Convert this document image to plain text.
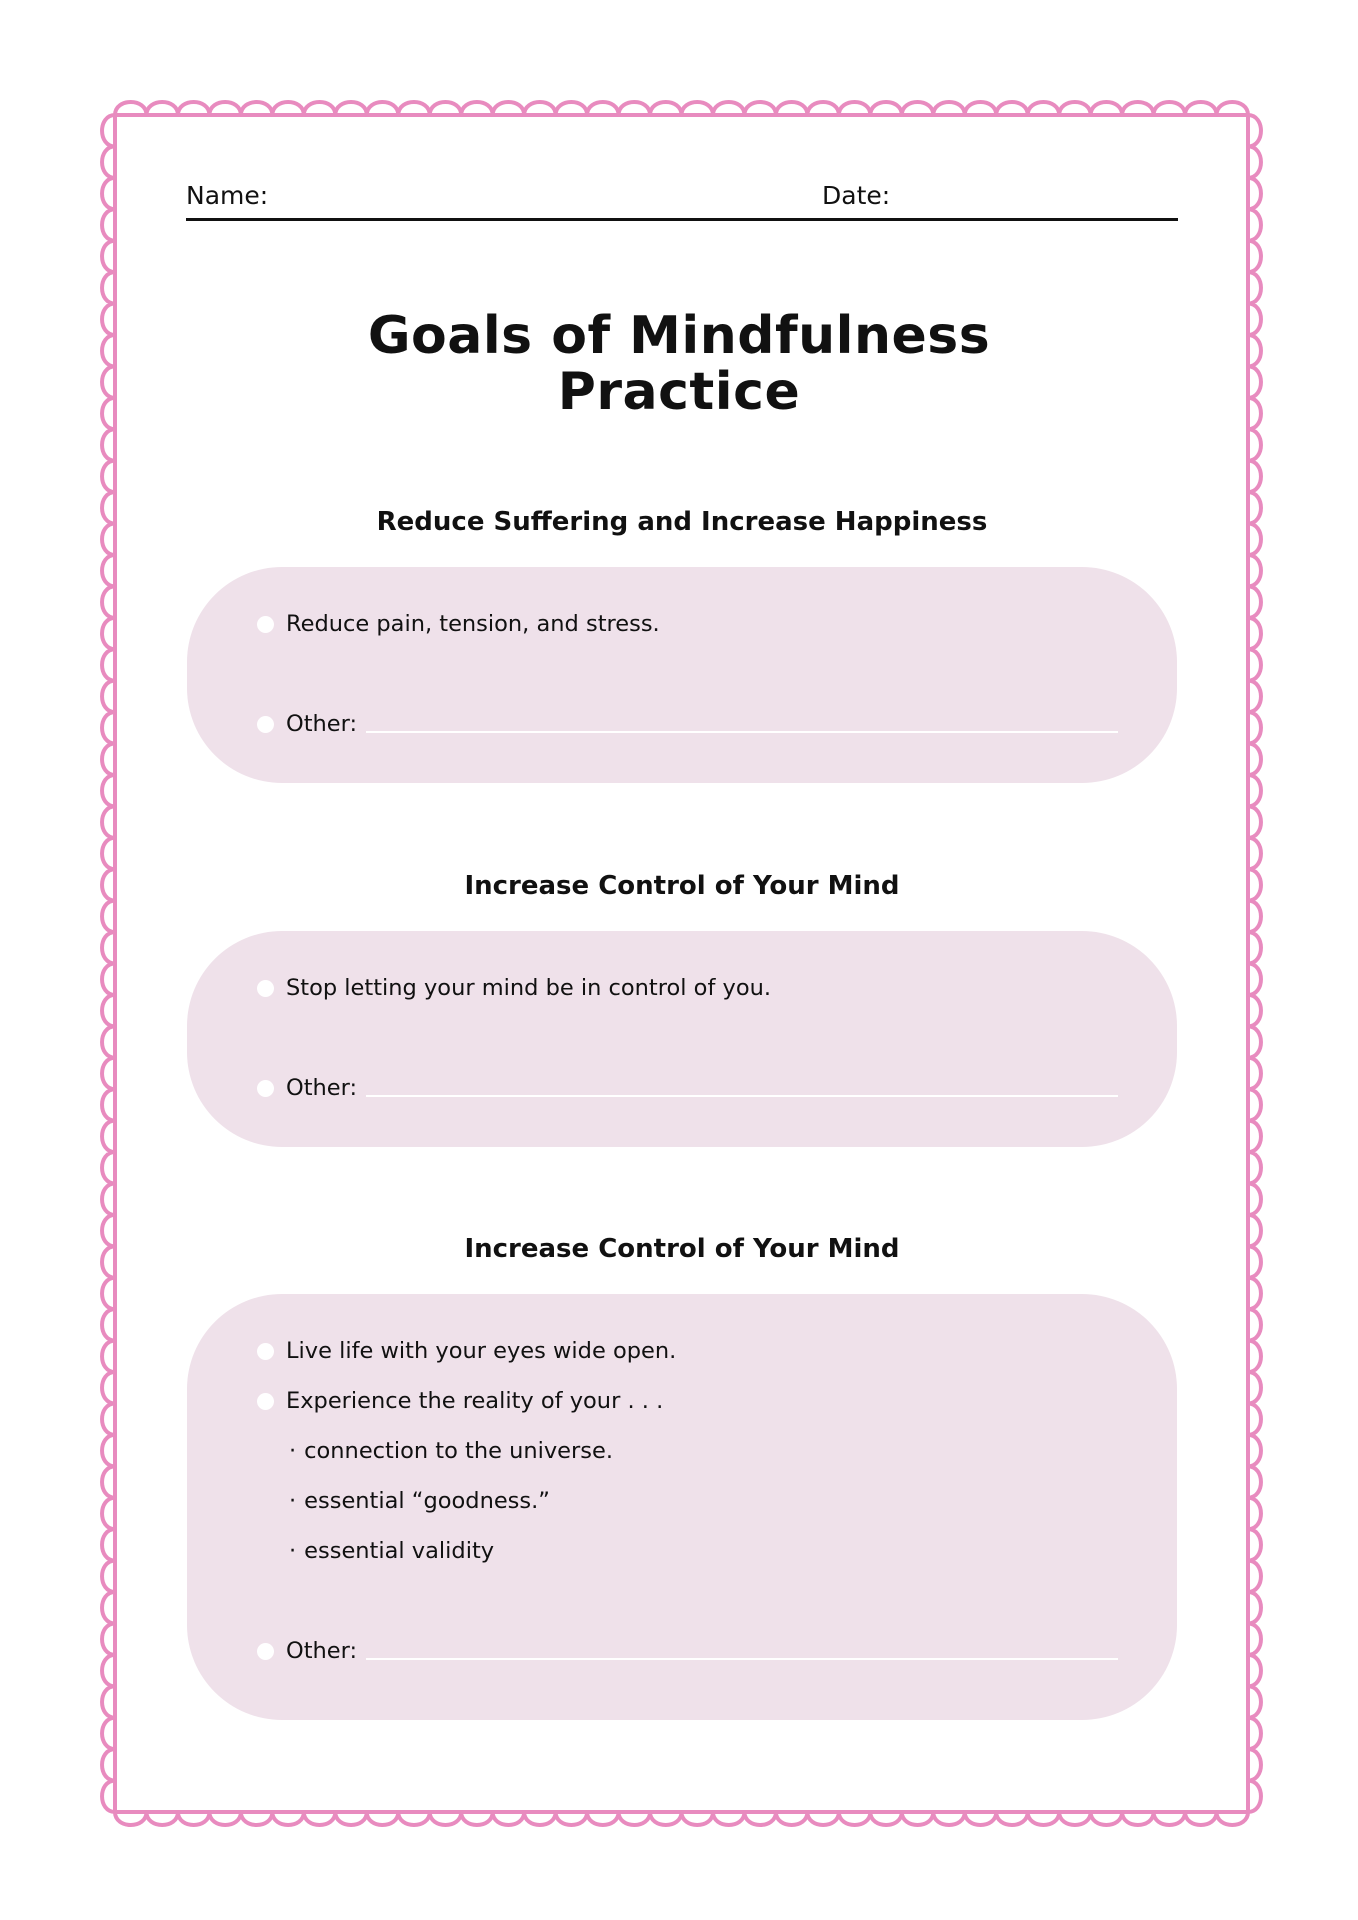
Name:	Date:
Goals of Mindfulness
Practice
Reduce Suffering and Increase Happiness
Reduce pain, tension, and stress.
Other:
Increase Control of Your Mind
Stop letting your mind be in control of you.
Other:
Increase Control of Your Mind
Live life with your eyes wide open.
Experience the reality of your . . .
· connection to the universe.
· essential “goodness.”
· essential validity
Other:
